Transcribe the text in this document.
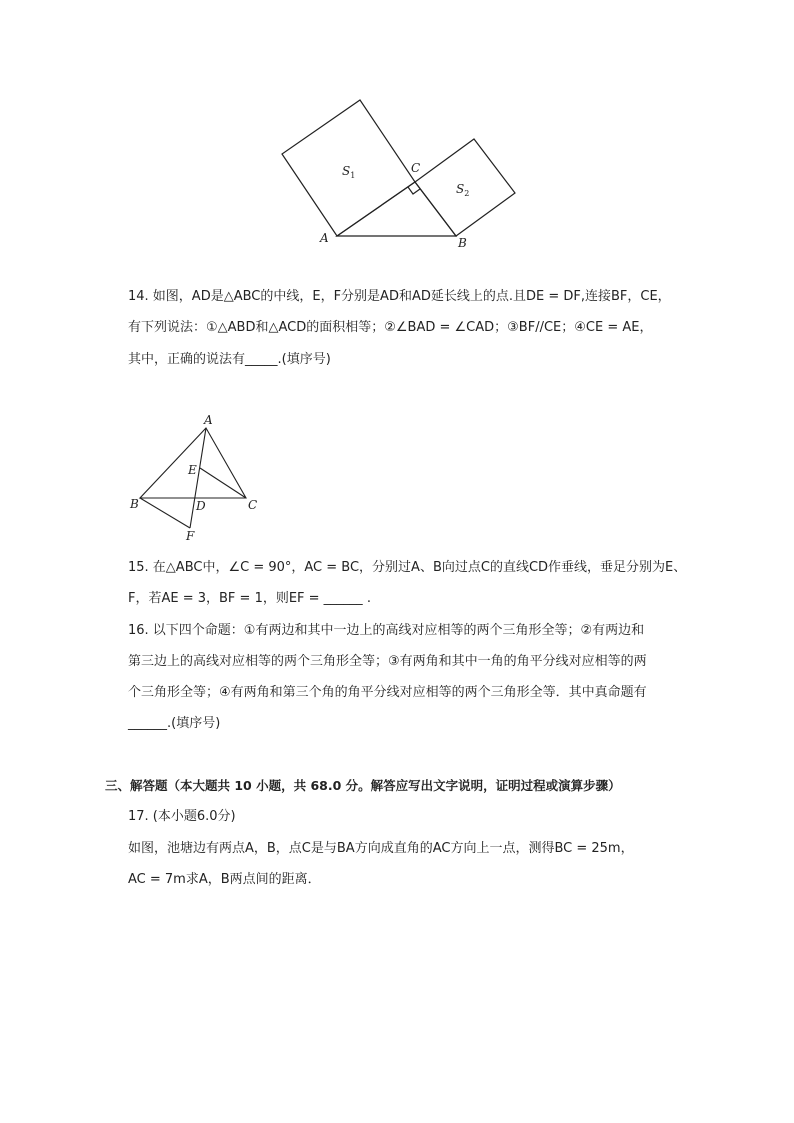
$S_1$
$S_2$
C
A	B
14. 如图，AD是△ABC的中线，E，F分别是AD和AD延长线上的点.且DE = DF,连接BF，CE，
有下列说法：①△ABD和△ACD的面积相等；②∠BAD = ∠CAD；③BF//CE；④CE = AE，
其中，正确的说法有_____.(填序号)
A
E
B	D	C
F
15. 在△ABC中，∠C = 90°，AC = BC，分别过A、B向过点C的直线CD作垂线，垂足分别为E、
F，若AE = 3，BF = 1，则EF = ______ .
16. 以下四个命题：①有两边和其中一边上的高线对应相等的两个三角形全等；②有两边和
第三边上的高线对应相等的两个三角形全等；③有两角和其中一角的角平分线对应相等的两
个三角形全等；④有两角和第三个角的角平分线对应相等的两个三角形全等．其中真命题有
______.(填序号)
三、解答题（本大题共 10 小题，共 68.0 分。解答应写出文字说明，证明过程或演算步骤）
17. (本小题6.0分)
如图，池塘边有两点A，B，点C是与BA方向成直角的AC方向上一点，测得BC = 25m，
AC = 7m求A，B两点间的距离．
